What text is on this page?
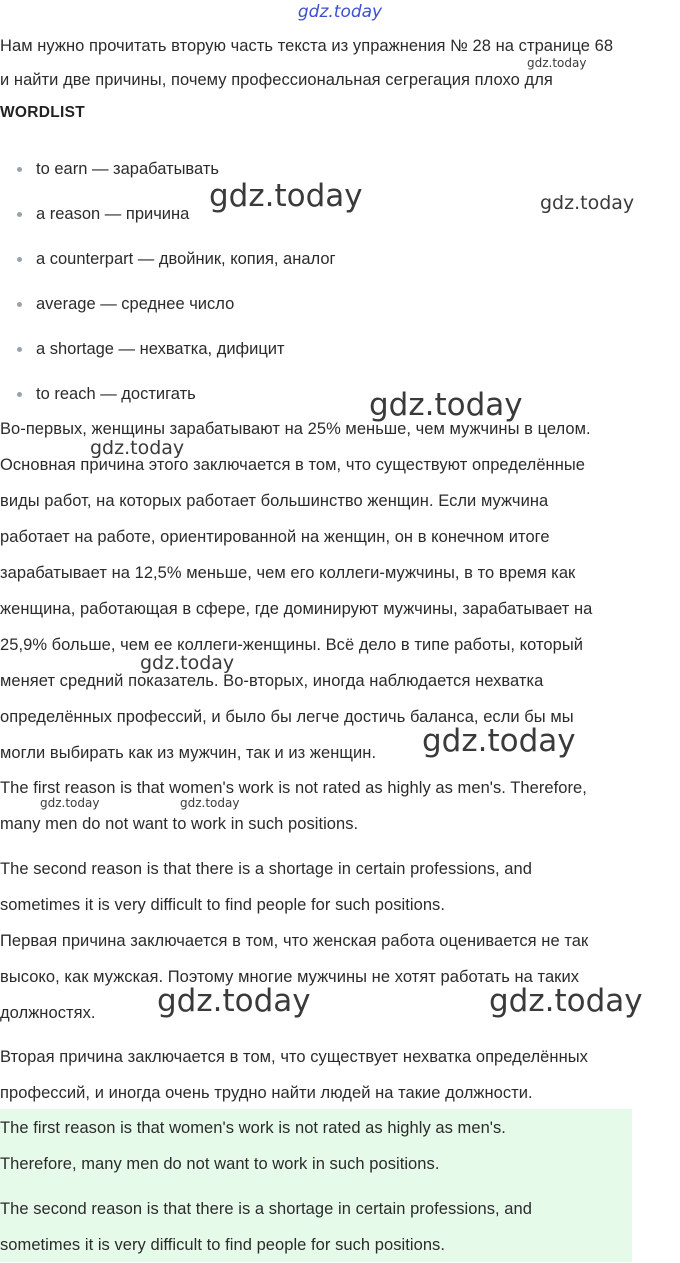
gdz.today
Нам нужно прочитать вторую часть текста из упражнения № 28 на странице 68
и найти две причины, почему профессиональная сегрегация плохо для
WORDLIST
to earn — зарабатывать
a reason — причина
a counterpart — двойник, копия, аналог
average — среднее число
a shortage — нехватка, дифицит
to reach — достигать
Во-первых, женщины зарабатывают на 25% меньше, чем мужчины в целом.
Основная причина этого заключается в том, что существуют определённые
виды работ, на которых работает большинство женщин. Если мужчина
работает на работе, ориентированной на женщин, он в конечном итоге
зарабатывает на 12,5% меньше, чем его коллеги-мужчины, в то время как
женщина, работающая в сфере, где доминируют мужчины, зарабатывает на
25,9% больше, чем ее коллеги-женщины. Всё дело в типе работы, который
меняет средний показатель. Во-вторых, иногда наблюдается нехватка
определённых профессий, и было бы легче достичь баланса, если бы мы
могли выбирать как из мужчин, так и из женщин.
The first reason is that women's work is not rated as highly as men's. Therefore,
many men do not want to work in such positions.
The second reason is that there is a shortage in certain professions, and
sometimes it is very difficult to find people for such positions.
Первая причина заключается в том, что женская работа оценивается не так
высоко, как мужская. Поэтому многие мужчины не хотят работать на таких
должностях.
Вторая причина заключается в том, что существует нехватка определённых
профессий, и иногда очень трудно найти людей на такие должности.
The first reason is that women's work is not rated as highly as men's.
Therefore, many men do not want to work in such positions.
The second reason is that there is a shortage in certain professions, and
sometimes it is very difficult to find people for such positions.
gdz.today
gdz.today	gdz.today
gdz.today
gdz.today
gdz.today
gdz.today
gdz.today	gdz.today
gdz.today	gdz.today
